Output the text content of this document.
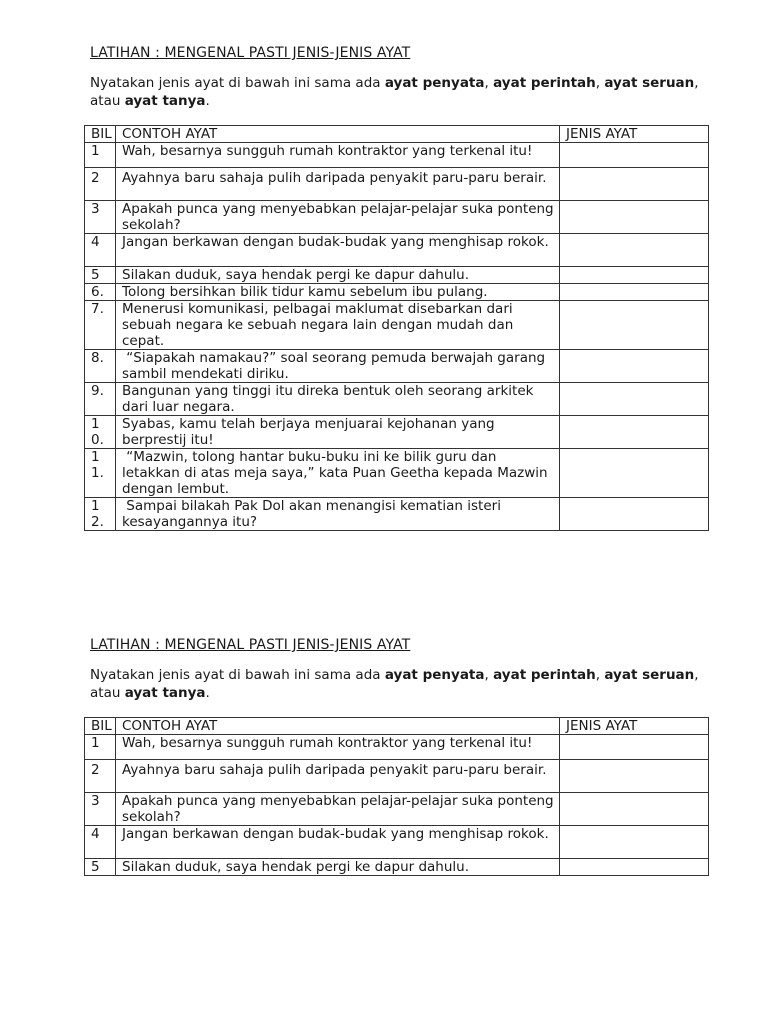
LATIHAN : MENGENAL PASTI JENIS-JENIS AYAT
Nyatakan jenis ayat di bawah ini sama ada ayat penyata, ayat perintah, ayat seruan, atau ayat tanya.
BIL	CONTOH AYAT	JENIS AYAT
1	Wah, besarnya sungguh rumah kontraktor yang terkenal itu!	
2	Ayahnya baru sahaja pulih daripada penyakit paru-paru berair.	
3	Apakah punca yang menyebabkan pelajar-pelajar suka ponteng sekolah?	
4	Jangan berkawan dengan budak-budak yang menghisap rokok.	
5	Silakan duduk, saya hendak pergi ke dapur dahulu.	
6.	Tolong bersihkan bilik tidur kamu sebelum ibu pulang.	
7.	Menerusi komunikasi, pelbagai maklumat disebarkan dari sebuah negara ke sebuah negara lain dengan mudah dan cepat.	
8.	“Siapakah namakau?” soal seorang pemuda berwajah garang sambil mendekati diriku.	
9.	Bangunan yang tinggi itu direka bentuk oleh seorang arkitek dari luar negara.	
10.	Syabas, kamu telah berjaya menjuarai kejohanan yang berprestij itu!	
11.	“Mazwin, tolong hantar buku-buku ini ke bilik guru dan letakkan di atas meja saya,” kata Puan Geetha kepada Mazwin dengan lembut.	
12.	Sampai bilakah Pak Dol akan menangisi kematian isteri kesayangannya itu?	
LATIHAN : MENGENAL PASTI JENIS-JENIS AYAT
Nyatakan jenis ayat di bawah ini sama ada ayat penyata, ayat perintah, ayat seruan, atau ayat tanya.
BIL	CONTOH AYAT	JENIS AYAT
1	Wah, besarnya sungguh rumah kontraktor yang terkenal itu!	
2	Ayahnya baru sahaja pulih daripada penyakit paru-paru berair.	
3	Apakah punca yang menyebabkan pelajar-pelajar suka ponteng sekolah?	
4	Jangan berkawan dengan budak-budak yang menghisap rokok.	
5	Silakan duduk, saya hendak pergi ke dapur dahulu.	
